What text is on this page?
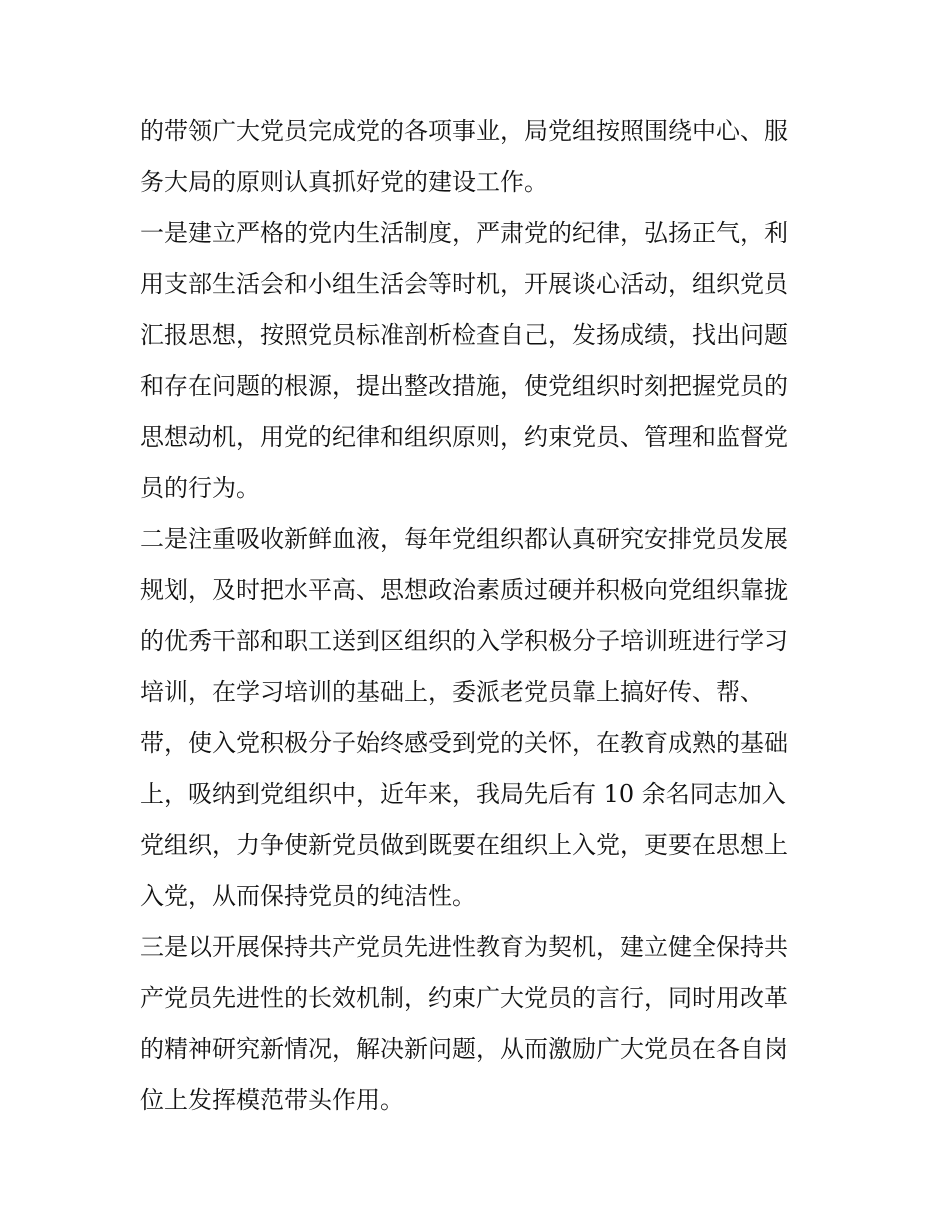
的带领广大党员完成党的各项事业，局党组按照围绕中心、服
务大局的原则认真抓好党的建设工作。
一是建立严格的党内生活制度，严肃党的纪律，弘扬正气，利
用支部生活会和小组生活会等时机，开展谈心活动，组织党员
汇报思想，按照党员标准剖析检查自己，发扬成绩，找出问题
和存在问题的根源，提出整改措施，使党组织时刻把握党员的
思想动机，用党的纪律和组织原则，约束党员、管理和监督党
员的行为。
二是注重吸收新鲜血液，每年党组织都认真研究安排党员发展
规划，及时把水平高、思想政治素质过硬并积极向党组织靠拢
的优秀干部和职工送到区组织的入学积极分子培训班进行学习
培训，在学习培训的基础上，委派老党员靠上搞好传、帮、
带，使入党积极分子始终感受到党的关怀，在教育成熟的基础
上，吸纳到党组织中，近年来，我局先后有 10 余名同志加入
党组织，力争使新党员做到既要在组织上入党，更要在思想上
入党，从而保持党员的纯洁性。
三是以开展保持共产党员先进性教育为契机，建立健全保持共
产党员先进性的长效机制，约束广大党员的言行，同时用改革
的精神研究新情况，解决新问题，从而激励广大党员在各自岗
位上发挥模范带头作用。
